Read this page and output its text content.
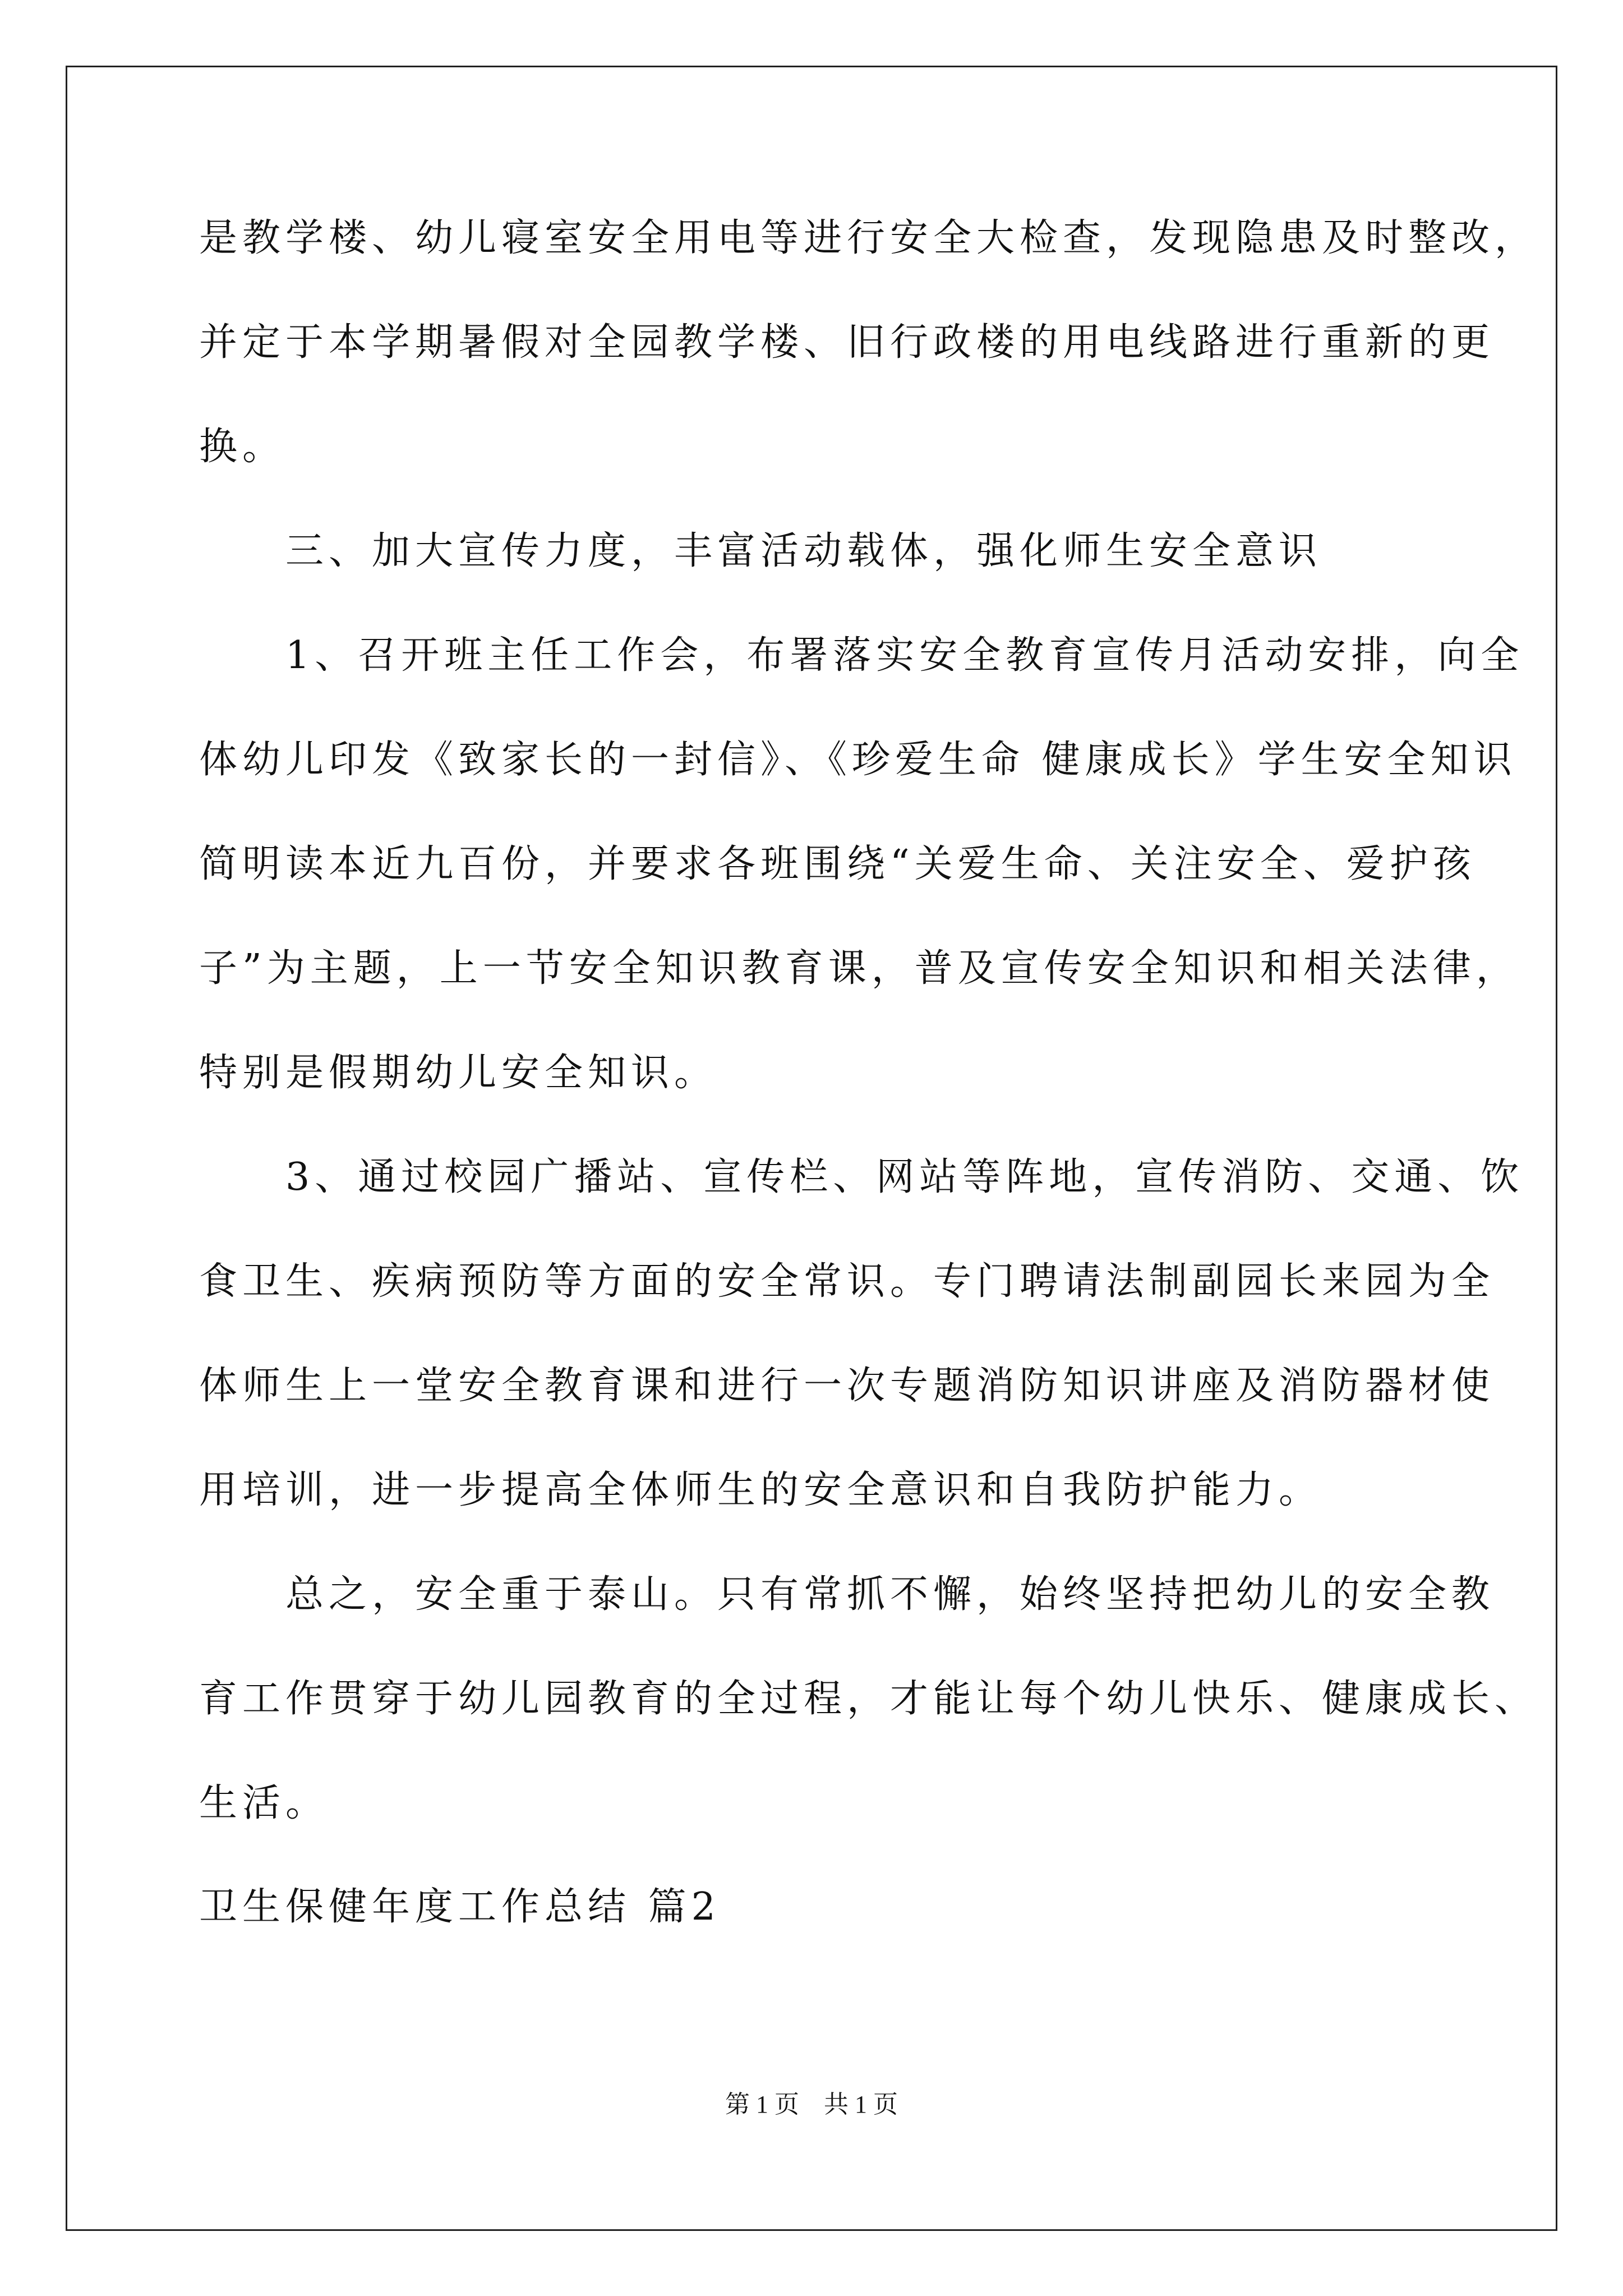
是教学楼、幼儿寝室安全用电等进行安全大检查，发现隐患及时整改，
并定于本学期暑假对全园教学楼、旧行政楼的用电线路进行重新的更
换。
　　三、加大宣传力度，丰富活动载体，强化师生安全意识
　　1、召开班主任工作会，布署落实安全教育宣传月活动安排，向全
体幼儿印发《致家长的一封信》、《珍爱生命 健康成长》学生安全知识
简明读本近九百份，并要求各班围绕“关爱生命、关注安全、爱护孩
子”为主题，上一节安全知识教育课，普及宣传安全知识和相关法律，
特别是假期幼儿安全知识。
　　3、通过校园广播站、宣传栏、网站等阵地，宣传消防、交通、饮
食卫生、疾病预防等方面的安全常识。专门聘请法制副园长来园为全
体师生上一堂安全教育课和进行一次专题消防知识讲座及消防器材使
用培训，进一步提高全体师生的安全意识和自我防护能力。
　　总之，安全重于泰山。只有常抓不懈，始终坚持把幼儿的安全教
育工作贯穿于幼儿园教育的全过程，才能让每个幼儿快乐、健康成长、
生活。
卫生保健年度工作总结 篇2
第 1 页　共 1 页
